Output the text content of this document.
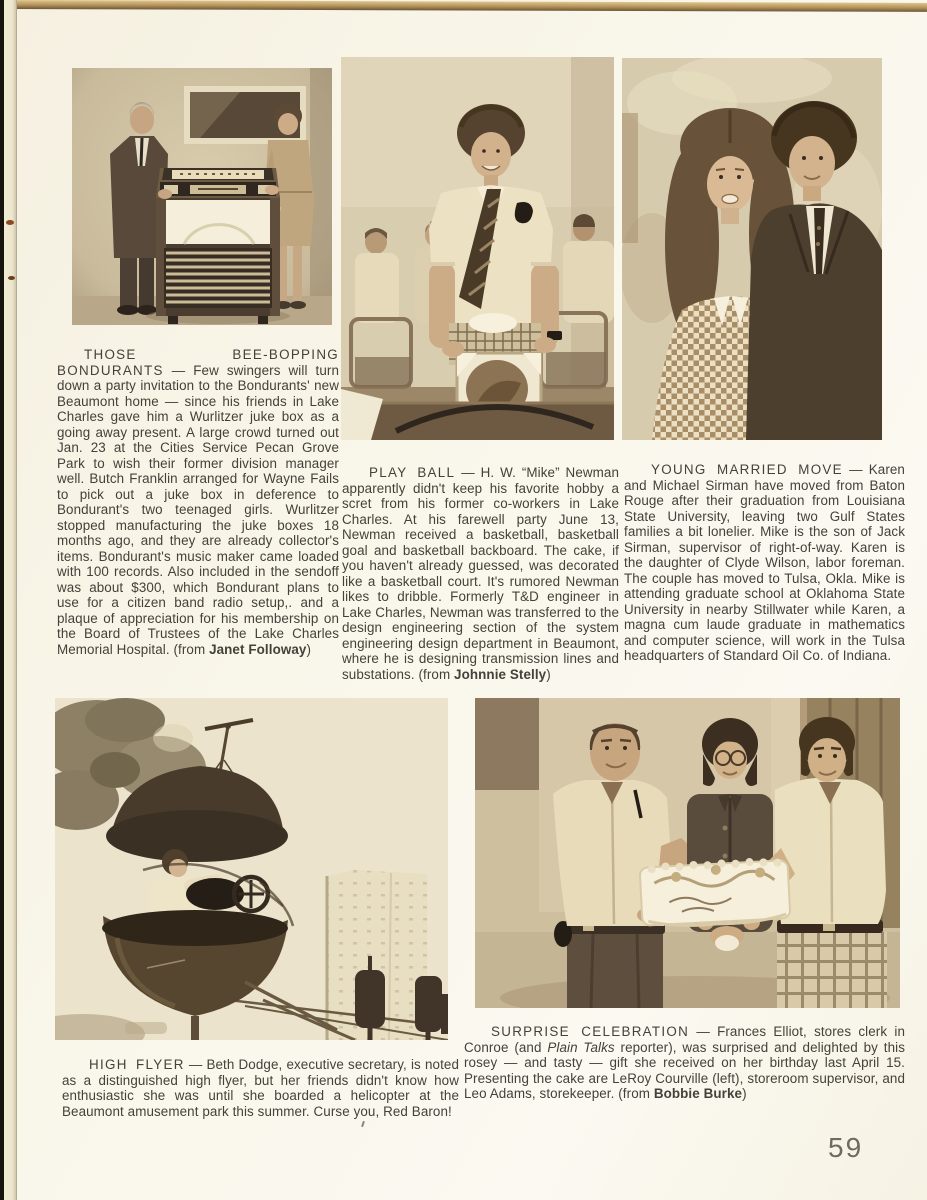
THOSE BEE-BOPPING BONDURANTS — Few swingers will turn down a party invitation to the Bondurants' new Beaumont home — since his friends in Lake Charles gave him a Wurlitzer juke box as a going away present. A large crowd turned out Jan. 23 at the Cities Service Pecan Grove Park to wish their former division manager well. Butch Franklin arranged for Wayne Fails to pick out a juke box in deference to Bondurant's two teenaged girls. Wurlitzer stopped manufacturing the juke boxes 18 months ago, and they are already collector's items. Bondurant's music maker came loaded with 100 records. Also included in the sendoff was about $300, which Bondurant plans to use for a citizen band radio setup,. and a plaque of appreciation for his membership on the Board of Trustees of the Lake Charles Memorial Hospital. (from Janet Followay)

PLAY BALL — H. W. “Mike” Newman apparently didn't keep his favorite hobby a scret from his former co-workers in Lake Charles. At his farewell party June 13, Newman received a basketball, basketball goal and basketball backboard. The cake, if you haven't already guessed, was decorated like a basketball court. It's rumored Newman likes to dribble. Formerly T&D engineer in Lake Charles, Newman was transferred to the design engineering section of the system engineering design department in Beaumont, where he is designing transmission lines and substations. (from Johnnie Stelly)

YOUNG MARRIED MOVE — Karen and Michael Sirman have moved from Baton Rouge after their graduation from Louisiana State University, leaving two Gulf States families a bit lonelier. Mike is the son of Jack Sirman, supervisor of right-of-way. Karen is the daughter of Clyde Wilson, labor foreman. The couple has moved to Tulsa, Okla. Mike is attending graduate school at Oklahoma State University in nearby Stillwater while Karen, a magna cum laude graduate in mathematics and computer science, will work in the Tulsa headquarters of Standard Oil Co. of Indiana.

HIGH FLYER — Beth Dodge, executive secretary, is noted as a distinguished high flyer, but her friends didn't know how enthusiastic she was until she boarded a helicopter at the Beaumont amusement park this summer. Curse you, Red Baron!

SURPRISE CELEBRATION — Frances Elliot, stores clerk in Conroe (and Plain Talks reporter), was surprised and delighted by this rosey — and tasty — gift she received on her birthday last April 15. Presenting the cake are LeRoy Courville (left), storeroom supervisor, and Leo Adams, storekeeper. (from Bobbie Burke)

59
